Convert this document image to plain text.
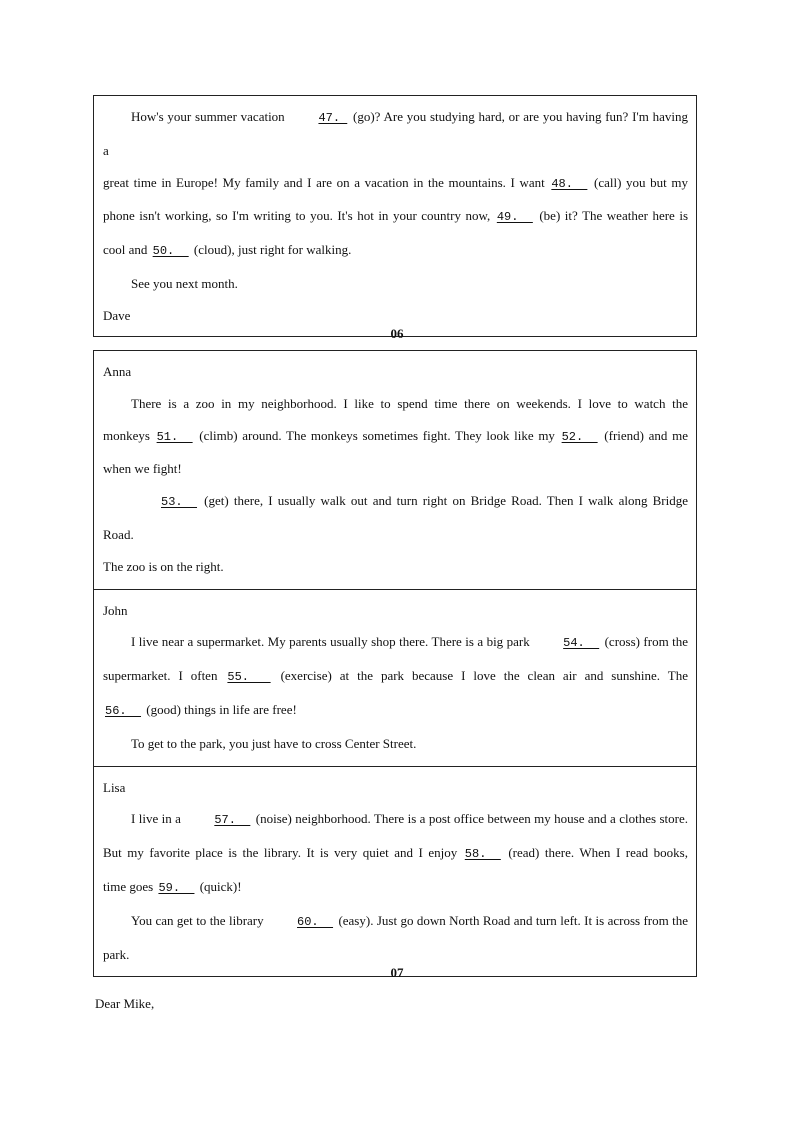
How's your summer vacation	47.  (go)? Are you studying hard, or are you having fun? I'm having a

great time in Europe! My family and I are on a vacation in the mountains. I want 48.   (call) you but my

phone isn't working, so I'm writing to you. It's hot in your country now, 49.   (be) it? The weather here is

cool and 50.   (cloud), just right for walking.

See you next month.

Dave

06

Anna

There is a zoo in my neighborhood. I like to spend time there on weekends. I love to watch the

monkeys 51.   (climb) around. The monkeys sometimes fight. They look like my 52.   (friend) and me

when we fight!

53.   (get) there, I usually walk out and turn right on Bridge Road. Then I walk along Bridge Road.

The zoo is on the right.

John

I live near a supermarket. My parents usually shop there. There is a big park	54.   (cross) from the

supermarket. I often 55.    (exercise) at the park because I love the clean air and sunshine. The

56.   (good) things in life are free!

To get to the park, you just have to cross Center Street.

Lisa

I live in a	57.   (noise) neighborhood. There is a post office between my house and a clothes store.

But my favorite place is the library. It is very quiet and I enjoy 58.   (read) there. When I read books,

time goes 59.   (quick)!

You can get to the library	60.   (easy). Just go down North Road and turn left. It is across from the

park.

07

Dear Mike,
